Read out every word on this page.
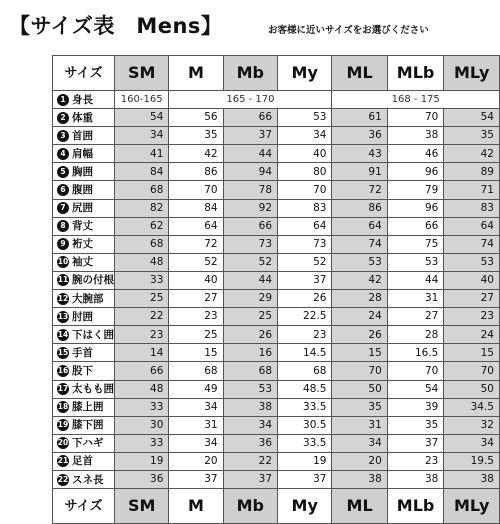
【サイズ表　Mens】	お客様に近いサイズをお選びください
サイズ	SM	M	Mb	My	ML	MLb	MLy
1 身長	160-165	165 - 170			168 - 175		
2 体重	54	56	66	53	61	70	54
3 首囲	34	35	37	34	36	38	35
4 肩幅	41	42	44	40	43	46	42
5 胸囲	84	86	94	80	91	96	89
6 腹囲	68	70	78	70	72	79	71
7 尻囲	82	84	92	83	86	96	83
8 背丈	62	64	66	64	64	66	64
9 裄丈	68	72	73	73	74	75	74
10 袖丈	48	52	52	52	53	53	53
11 腕の付根	33	40	44	37	42	44	40
12 大腕部	25	27	29	26	28	31	27
13 肘囲	22	23	25	22.5	24	27	23
14 下はく囲	23	25	26	23	26	28	24
15 手首	14	15	16	14.5	15	16.5	15
16 股下	66	68	68	68	70	70	70
17 太もも囲	48	49	53	48.5	50	54	50
18 膝上囲	33	34	38	33.5	35	39	34.5
19 膝下囲	30	31	34	30.5	31	35	32
20 下ハギ	33	34	36	33.5	34	37	34
21 足首	19	20	22	19	20	23	19.5
22 スネ長	36	37	37	37	38	38	38
サイズ	SM	M	Mb	My	ML	MLb	MLy
